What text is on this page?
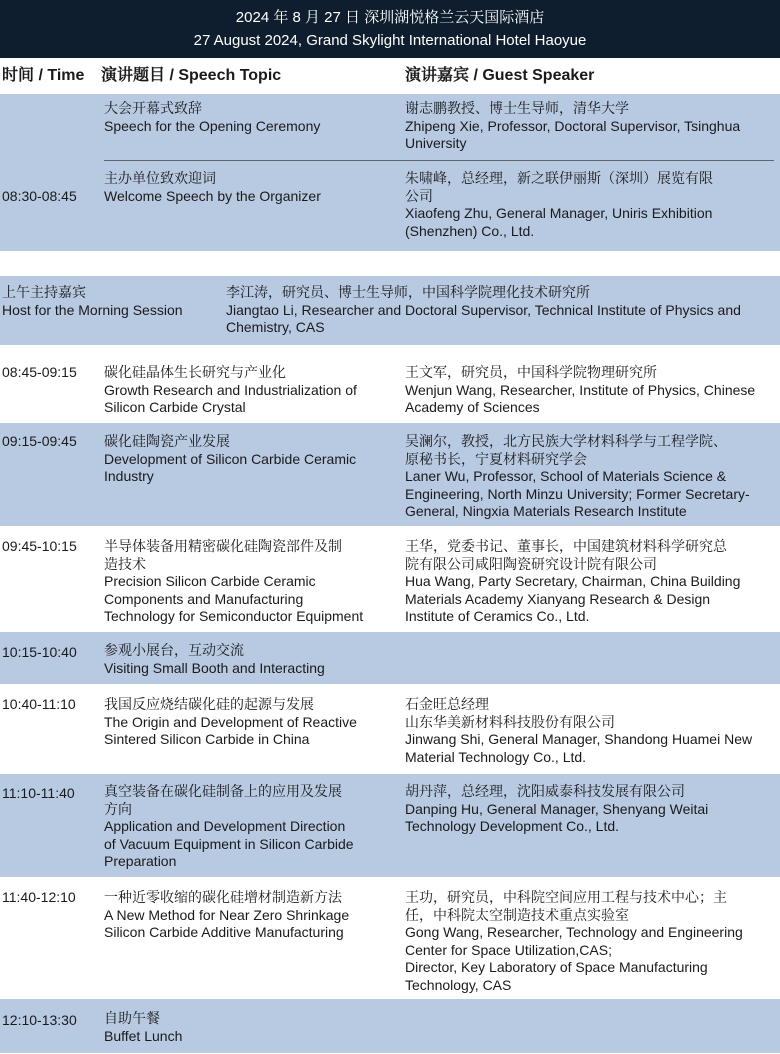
2024 年 8 月 27 日 深圳湖悦格兰云天国际酒店
27 August 2024, Grand Skylight International Hotel Haoyue
时间 / Time 演讲题目 / Speech Topic	演讲嘉宾 / Guest Speaker
08:30-08:45
大会开幕式致辞
Speech for the Opening Ceremony
谢志鹏教授、博士生导师，清华大学
Zhipeng Xie, Professor, Doctoral Supervisor, Tsinghua
University
主办单位致欢迎词
Welcome Speech by the Organizer
朱啸峰，总经理，新之联伊丽斯（深圳）展览有限
公司
Xiaofeng Zhu, General Manager, Uniris Exhibition
(Shenzhen) Co., Ltd.
上午主持嘉宾
Host for the Morning Session
李江涛，研究员、博士生导师，中国科学院理化技术研究所
Jiangtao Li, Researcher and Doctoral Supervisor, Technical Institute of Physics and
Chemistry, CAS
08:45-09:15 碳化硅晶体生长研究与产业化
Growth Research and Industrialization of
Silicon Carbide Crystal
王文军，研究员，中国科学院物理研究所
Wenjun Wang, Researcher, Institute of Physics, Chinese
Academy of Sciences
09:15-09:45 碳化硅陶瓷产业发展
Development of Silicon Carbide Ceramic
Industry
吴澜尔，教授，北方民族大学材料科学与工程学院、
原秘书长，宁夏材料研究学会
Laner Wu, Professor, School of Materials Science &
Engineering, North Minzu University; Former Secretary-
General, Ningxia Materials Research Institute
09:45-10:15 半导体装备用精密碳化硅陶瓷部件及制
造技术
Precision Silicon Carbide Ceramic
Components and Manufacturing
Technology for Semiconductor Equipment
王华，党委书记、董事长，中国建筑材料科学研究总
院有限公司咸阳陶瓷研究设计院有限公司
Hua Wang, Party Secretary, Chairman, China Building
Materials Academy Xianyang Research & Design
Institute of Ceramics Co., Ltd.
10:15-10:40 参观小展台，互动交流
Visiting Small Booth and Interacting
10:40-11:10 我国反应烧结碳化硅的起源与发展
The Origin and Development of Reactive
Sintered Silicon Carbide in China
石金旺总经理
山东华美新材料科技股份有限公司
Jinwang Shi, General Manager, Shandong Huamei New
Material Technology Co., Ltd.
11:10-11:40 真空装备在碳化硅制备上的应用及发展
方向
Application and Development Direction
of Vacuum Equipment in Silicon Carbide
Preparation
胡丹萍，总经理，沈阳威泰科技发展有限公司
Danping Hu, General Manager, Shenyang Weitai
Technology Development Co., Ltd.
11:40-12:10 一种近零收缩的碳化硅增材制造新方法
A New Method for Near Zero Shrinkage
Silicon Carbide Additive Manufacturing
王功，研究员，中科院空间应用工程与技术中心；主
任，中科院太空制造技术重点实验室
Gong Wang, Researcher, Technology and Engineering
Center for Space Utilization,CAS;
Director, Key Laboratory of Space Manufacturing
Technology, CAS
12:10-13:30 自助午餐
Buffet Lunch
